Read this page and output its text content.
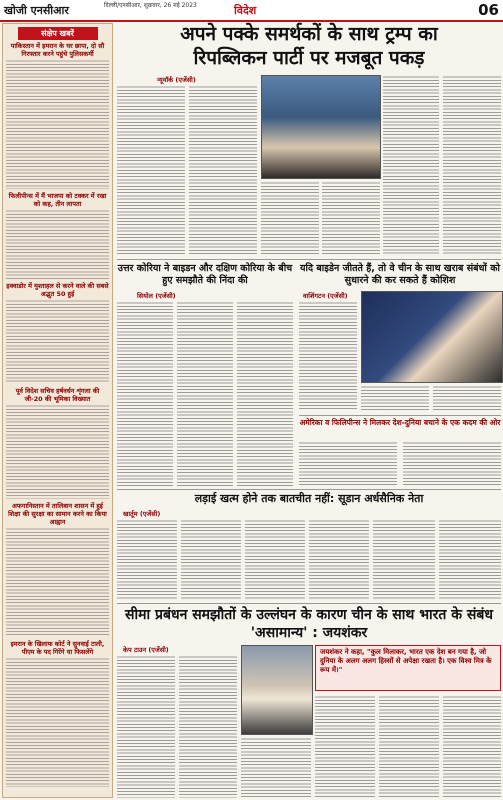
खोजी एनसीआर	दिल्ली/एनसीआर, शुक्रवार, 26 मई 2023	विदेश	06
संक्षेप खबरें
पाकिस्तान में इमरान के घर छापा, दो सौ गिरफ्तार करने पहुंचे पुलिसकर्मी
फिलीपीन्स में मैं भाजपा को टक्कर में रखा को कह, तीन लापता
इक्वाडोर में मुश्ताहल से करने वाले की सबसे अद्भुत 50 हुई
पूर्व विदेश सचिव हर्षवर्धन शृंगला की जी-20 की भूमिका विख्यात
अफगानिस्तान में तालिबान शासन में हुई शिक्षा की सुरक्षा का सामान करने का किया आह्वान
इमरान के खिलाफ कोर्ट ने सुनवाई टाली, पीएम के पद गिरेंगे या फिसलेंगे
अपने पक्के समर्थकों के साथ ट्रम्प का
रिपब्लिकन पार्टी पर मजबूत पकड़
न्यूयॉर्क (एजेंसी)
उत्तर कोरिया ने बाइडन और दक्षिण कोरिया के बीच हुए समझौते की निंदा की
सियोल (एजेंसी)
यदि बाइडेन जीतते हैं, तो वे चीन के साथ खराब संबंधों को सुधारने की कर सकते हैं कोशिश
वाशिंगटन (एजेंसी)
अमेरिका व फिलिपीन्स ने मिलकर देश-दुनिया बचाने के एक कदम की ओर
लड़ाई खत्म होने तक बातचीत नहीं: सूडान अर्धसैनिक नेता
खार्तूम (एजेंसी)
सीमा प्रबंधन समझौतों के उल्लंघन के कारण चीन के साथ भारत के संबंध 'असामान्य' : जयशंकर
केप टाउन (एजेंसी)	जयशंकर ने कहा, "कुल मिलाकर, भारत एक देश बन गया है, जो दुनिया के अलग अलग हिस्सों से अपेक्षा रखता है। एक विश्व मित्र के रूप में।"
